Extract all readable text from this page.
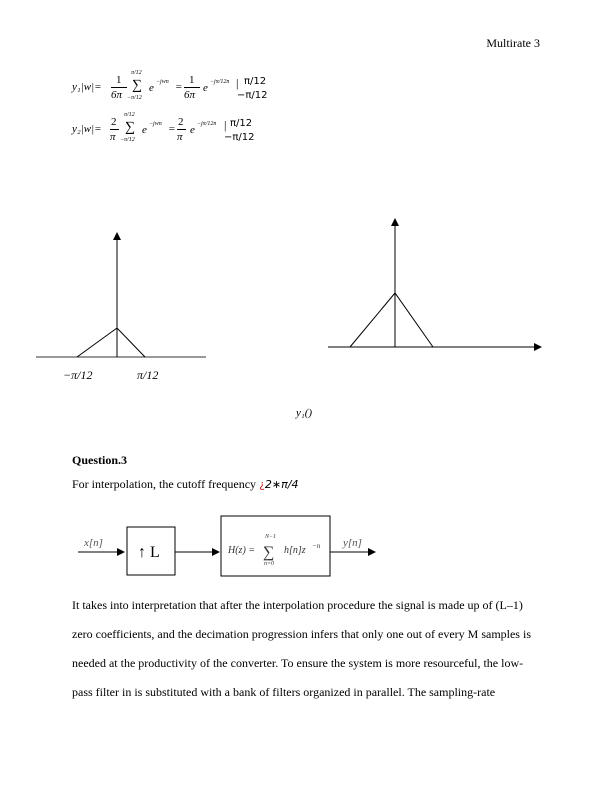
Multirate 3
y₁|w|=
1
6π
π/12
∑
−π/12
e −jwn =
1
6π
e −jπ/12n | π/12
−π/12
y₂|w|=
2
π
π/12
∑
−π/12
e −jwn =
2
π
e −jπ/12n | π/12
−π/12
−π/12	π/12
y₁()
Question.3
For interpolation, the cutoff frequency ¿2∗π/4
x[n]
↑ L	H(z) =
N−1
∑
n=0
h[n]z −n y[n]
It takes into interpretation that after the interpolation procedure the signal is made up of (L–1)
zero coefficients, and the decimation progression infers that only one out of every M samples is
needed at the productivity of the converter. To ensure the system is more resourceful, the low-
pass filter in is substituted with a bank of filters organized in parallel. The sampling-rate
